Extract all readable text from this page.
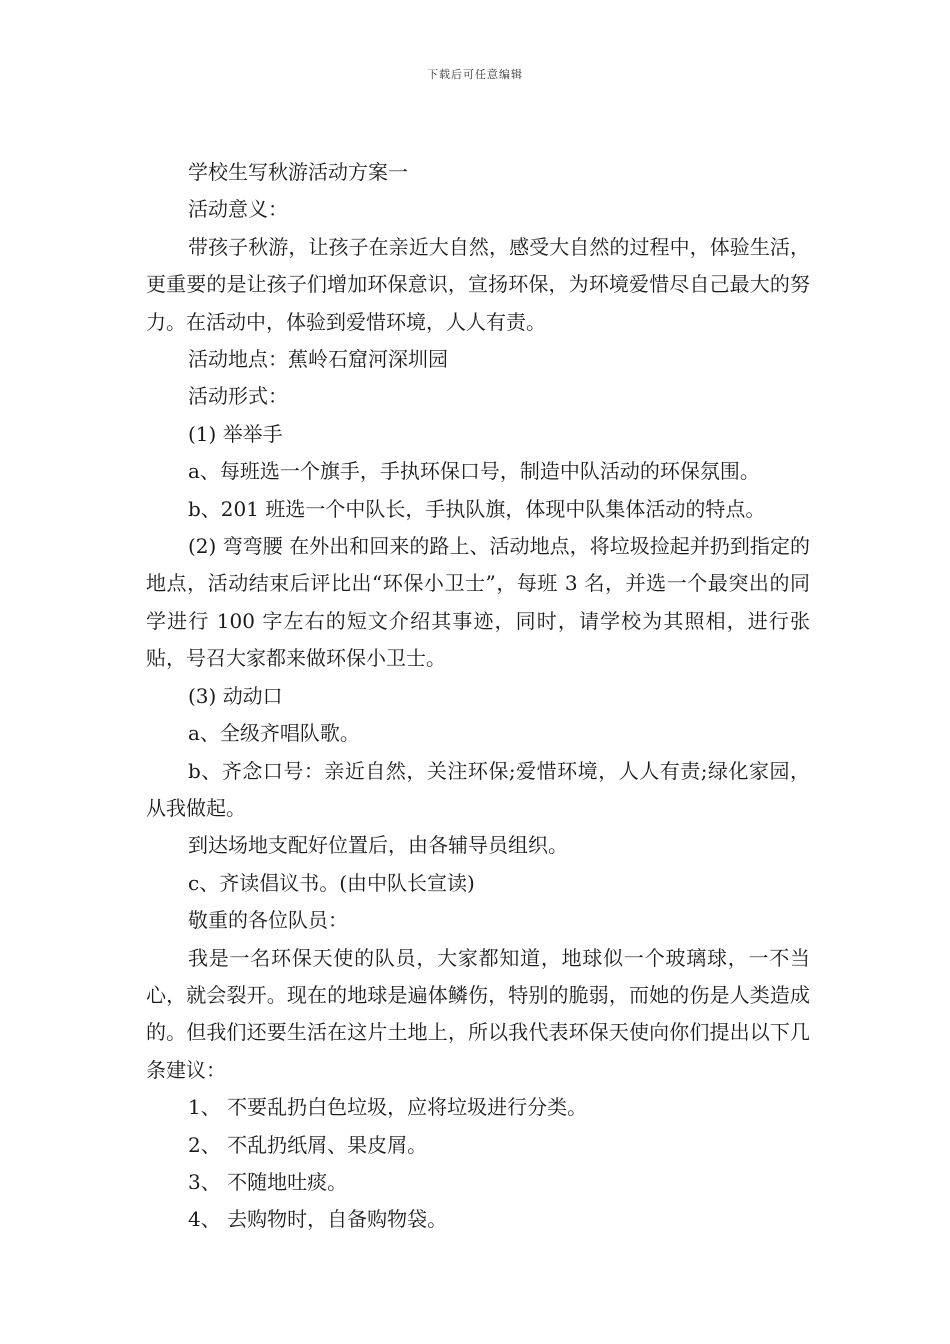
下载后可任意编辑

学校生写秋游活动方案一

活动意义：

带孩子秋游，让孩子在亲近大自然，感受大自然的过程中，体验生活，更重要的是让孩子们增加环保意识，宣扬环保，为环境爱惜尽自己最大的努力。在活动中，体验到爱惜环境，人人有责。

活动地点：蕉岭石窟河深圳园

活动形式：

(1) 举举手

a、每班选一个旗手，手执环保口号，制造中队活动的环保氛围。

b、201 班选一个中队长，手执队旗，体现中队集体活动的特点。

(2) 弯弯腰 在外出和回来的路上、活动地点，将垃圾捡起并扔到指定的地点，活动结束后评比出“环保小卫士”，每班 3 名，并选一个最突出的同学进行 100 字左右的短文介绍其事迹，同时，请学校为其照相，进行张贴，号召大家都来做环保小卫士。

(3) 动动口

a、全级齐唱队歌。

b、齐念口号：亲近自然，关注环保;爱惜环境，人人有责;绿化家园，从我做起。

到达场地支配好位置后，由各辅导员组织。

c、齐读倡议书。(由中队长宣读)

敬重的各位队员：

我是一名环保天使的队员，大家都知道，地球似一个玻璃球，一不当心，就会裂开。现在的地球是遍体鳞伤，特别的脆弱，而她的伤是人类造成的。但我们还要生活在这片土地上，所以我代表环保天使向你们提出以下几条建议：

1、 不要乱扔白色垃圾，应将垃圾进行分类。

2、 不乱扔纸屑、果皮屑。

3、 不随地吐痰。

4、 去购物时，自备购物袋。
